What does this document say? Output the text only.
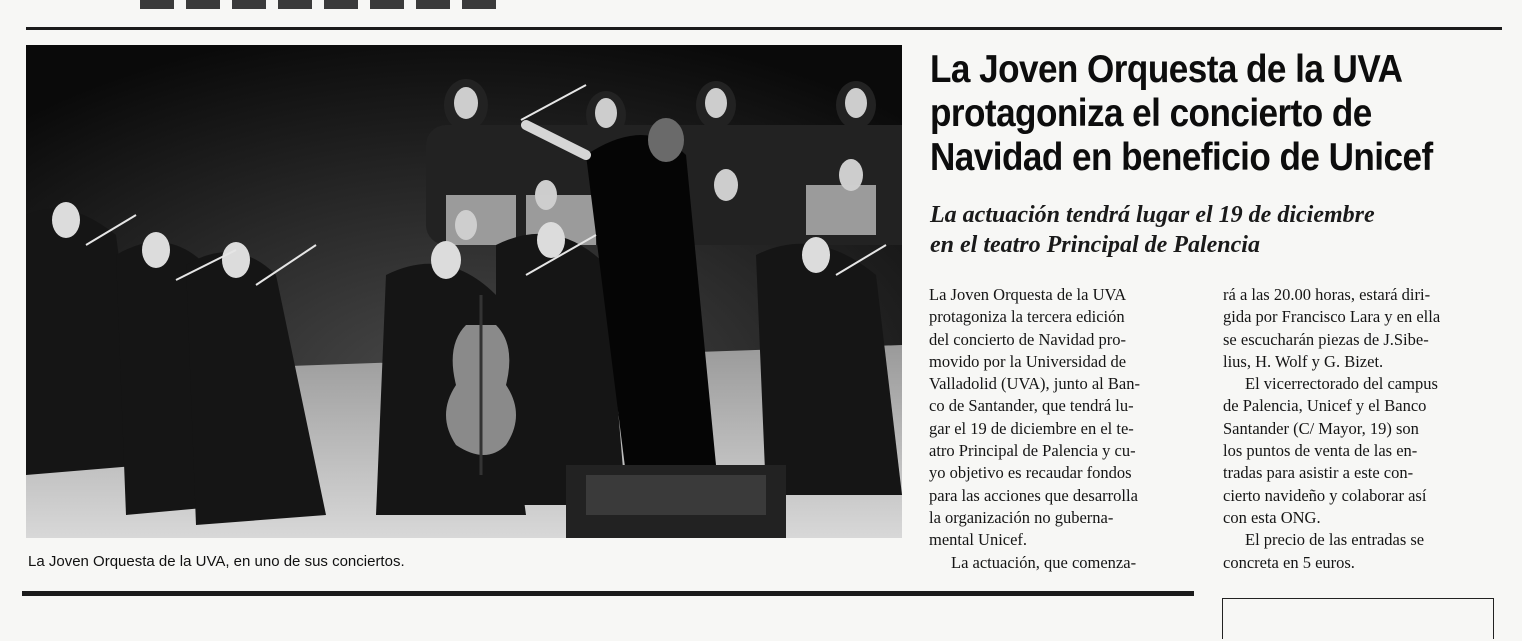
La Joven Orquesta de la UVA, en uno de sus conciertos.
La Joven Orquesta de la UVA
protagoniza el concierto de
Navidad en beneficio de Unicef
La actuación tendrá lugar el 19 de diciembre
en el teatro Principal de Palencia
La Joven Orquesta de la UVA
protagoniza la tercera edición
del concierto de Navidad pro-
movido por la Universidad de
Valladolid (UVA), junto al Ban-
co de Santander, que tendrá lu-
gar el 19 de diciembre en el te-
atro Principal de Palencia y cu-
yo objetivo es recaudar fondos
para las acciones que desarrolla
la organización no guberna-
mental Unicef.
La actuación, que comenza-
rá a las 20.00 horas, estará diri-
gida por Francisco Lara y en ella
se escucharán piezas de J.Sibe-
lius, H. Wolf y G. Bizet.
El vicerrectorado del campus
de Palencia, Unicef y el Banco
Santander (C/ Mayor, 19) son
los puntos de venta de las en-
tradas para asistir a este con-
cierto navideño y colaborar así
con esta ONG.
El precio de las entradas se
concreta en 5 euros.
